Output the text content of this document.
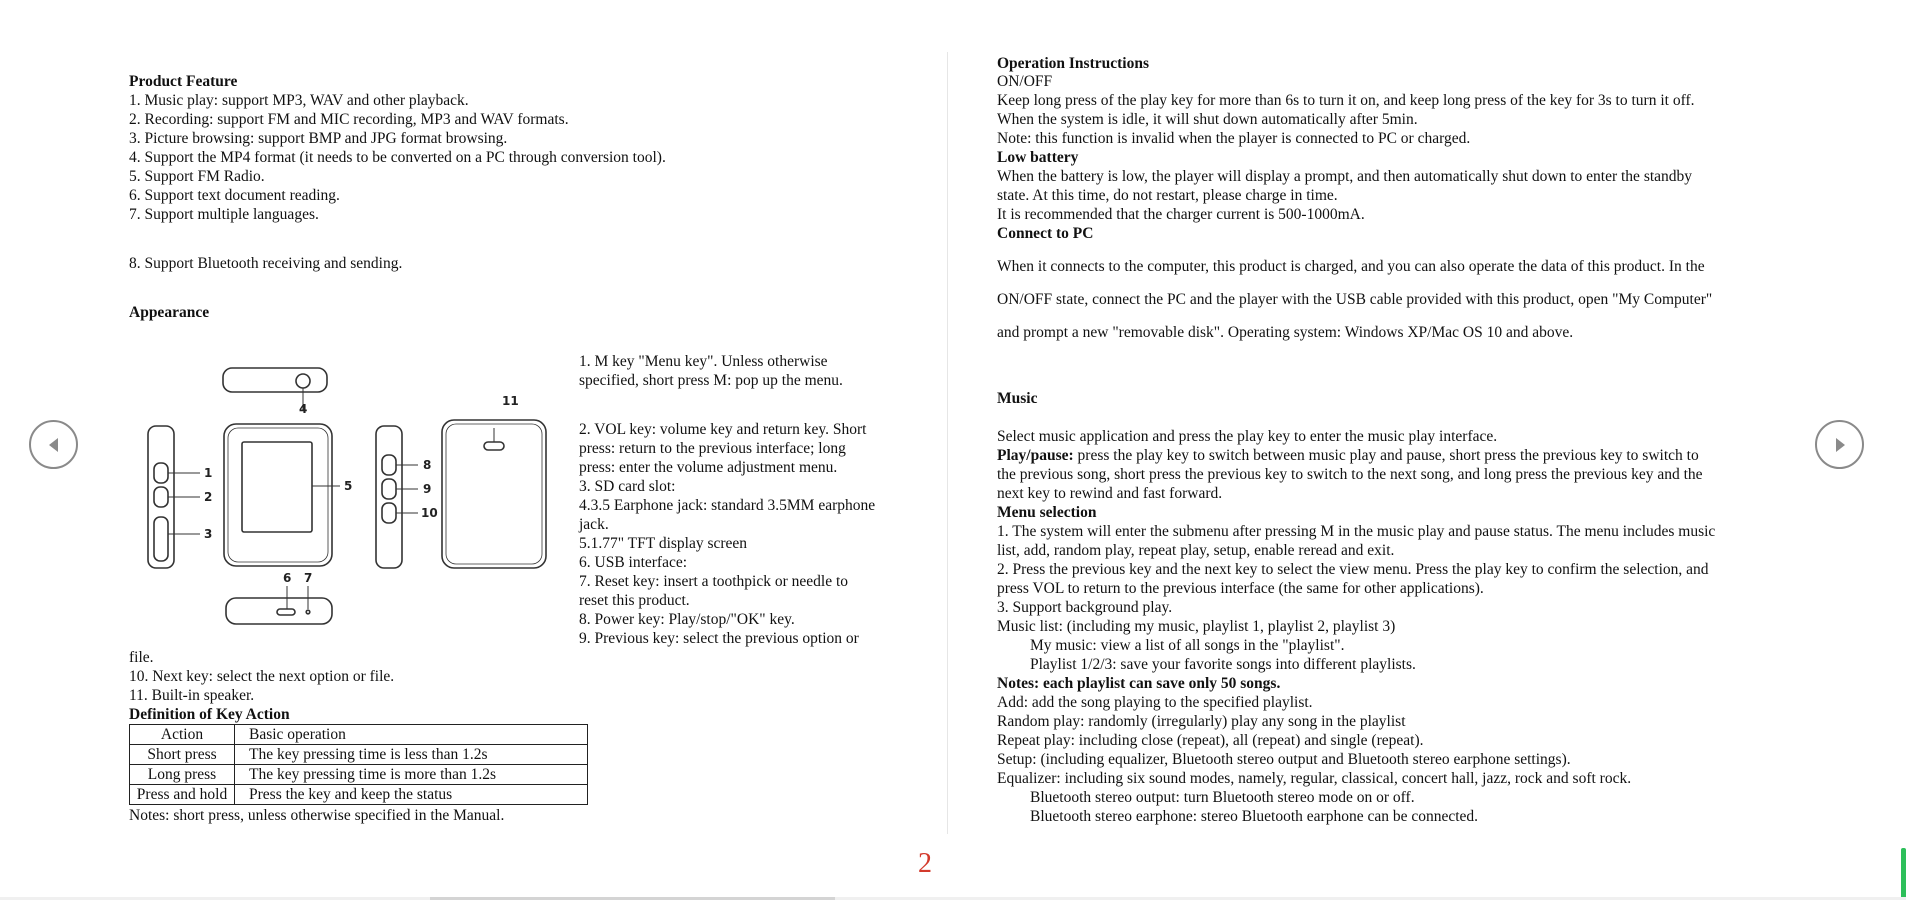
Product Feature
1. Music play: support MP3, WAV and other playback.
2. Recording: support FM and MIC recording, MP3 and WAV formats.
3. Picture browsing: support BMP and JPG format browsing.
4. Support the MP4 format (it needs to be converted on a PC through conversion tool).
5. Support FM Radio.
6. Support text document reading.
7. Support multiple languages.
8. Support Bluetooth receiving and sending.
Appearance
1
2
3
4
5
6 7
8
9
10
11
1. M key "Menu key". Unless otherwise
specified, short press M: pop up the menu.
2. VOL key: volume key and return key. Short
press: return to the previous interface; long
press: enter the volume adjustment menu.
3. SD card slot:
4.3.5 Earphone jack: standard 3.5MM earphone
jack.
5.1.77" TFT display screen
6. USB interface:
7. Reset key: insert a toothpick or needle to
reset this product.
8. Power key: Play/stop/"OK" key.
9. Previous key: select the previous option or
file.
10. Next key: select the next option or file.
11. Built-in speaker.
Definition of Key Action
Action	Basic operation
Short press	The key pressing time is less than 1.2s
Long press	The key pressing time is more than 1.2s
Press and hold	Press the key and keep the status
Notes: short press, unless otherwise specified in the Manual.
Operation Instructions
ON/OFF
Keep long press of the play key for more than 6s to turn it on, and keep long press of the key for 3s to turn it off.
When the system is idle, it will shut down automatically after 5min.
Note: this function is invalid when the player is connected to PC or charged.
Low battery
When the battery is low, the player will display a prompt, and then automatically shut down to enter the standby
state. At this time, do not restart, please charge in time.
It is recommended that the charger current is 500-1000mA.
Connect to PC
When it connects to the computer, this product is charged, and you can also operate the data of this product. In the
ON/OFF state, connect the PC and the player with the USB cable provided with this product, open "My Computer"
and prompt a new "removable disk". Operating system: Windows XP/Mac OS 10 and above.
Music
Select music application and press the play key to enter the music play interface.
Play/pause: press the play key to switch between music play and pause, short press the previous key to switch to
the previous song, short press the previous key to switch to the next song, and long press the previous key and the
next key to rewind and fast forward.
Menu selection
1. The system will enter the submenu after pressing M in the music play and pause status. The menu includes music
list, add, random play, repeat play, setup, enable reread and exit.
2. Press the previous key and the next key to select the view menu. Press the play key to confirm the selection, and
press VOL to return to the previous interface (the same for other applications).
3. Support background play.
Music list: (including my music, playlist 1, playlist 2, playlist 3)
My music: view a list of all songs in the "playlist".
Playlist 1/2/3: save your favorite songs into different playlists.
Notes: each playlist can save only 50 songs.
Add: add the song playing to the specified playlist.
Random play: randomly (irregularly) play any song in the playlist
Repeat play: including close (repeat), all (repeat) and single (repeat).
Setup: (including equalizer, Bluetooth stereo output and Bluetooth stereo earphone settings).
Equalizer: including six sound modes, namely, regular, classical, concert hall, jazz, rock and soft rock.
Bluetooth stereo output: turn Bluetooth stereo mode on or off.
Bluetooth stereo earphone: stereo Bluetooth earphone can be connected.
2
